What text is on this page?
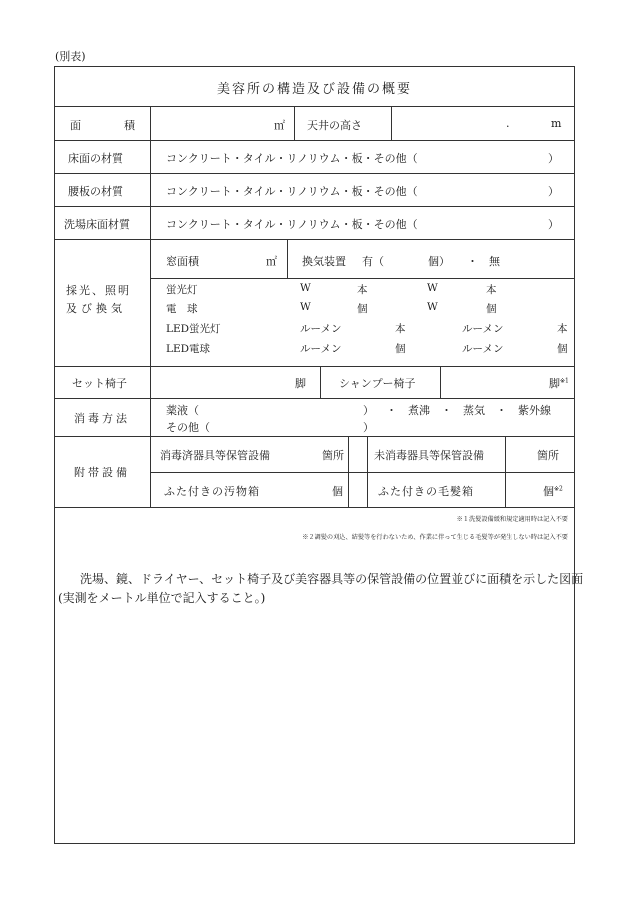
(別表)
美容所の構造及び設備の概要
面	積	㎡ 天井の高さ	.	m
床面の材質	コンクリート・タイル・リノリウム・板・その他（	）
腰板の材質	コンクリート・タイル・リノリウム・板・その他（	）
洗場床面材質	コンクリート・タイル・リノリウム・板・その他（	）
採光、照明
及び換気
窓面積	㎡ 換気装置 有（	個） ・ 無
蛍光灯	W	本	W	本
電　球	W	個	W	個
LED蛍光灯	ルーメン	本	ルーメン	本
LED電球	ルーメン	個	ルーメン	個
セット椅子	脚	シャンプー椅子	脚$^{※1}$
消毒方法
薬液（	） ・　煮沸　・　蒸気　・　紫外線
その他（	）
附帯設備
消毒済器具等保管設備	箇所	未消毒器具等保管設備	箇所
ふた付きの汚物箱	個	ふた付きの毛髪箱	個$^{※2}$
※１洗髪設備緩和規定適用時は記入不要
※２調髪の刈込、結髪等を行わないため、作業に伴って生じる毛髪等が発生しない時は記入不要
洗場、鏡、ドライヤー、セット椅子及び美容器具等の保管設備の位置並びに面積を示した図面
(実測をメートル単位で記入すること。)
